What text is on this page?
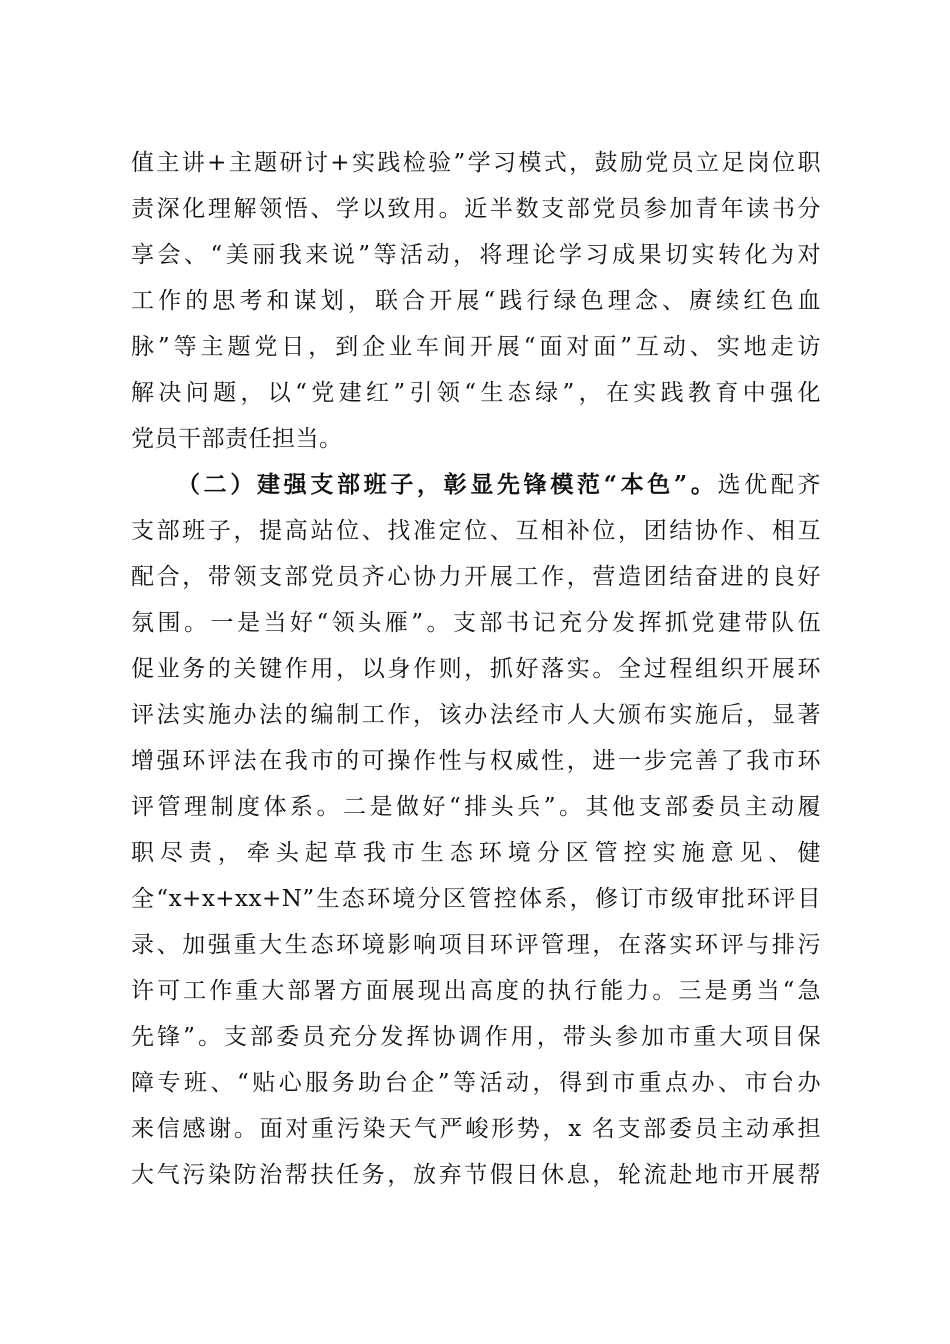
值主讲+主题研讨+实践检验”学习模式，鼓励党员立足岗位职
责深化理解领悟、学以致用。近半数支部党员参加青年读书分
享会、“美丽我来说”等活动，将理论学习成果切实转化为对
工作的思考和谋划，联合开展“践行绿色理念、赓续红色血
脉”等主题党日，到企业车间开展“面对面”互动、实地走访
解决问题，以“党建红”引领“生态绿”，在实践教育中强化
党员干部责任担当。
（二）建强支部班子，彰显先锋模范“本色”。选优配齐
支部班子，提高站位、找准定位、互相补位，团结协作、相互
配合，带领支部党员齐心协力开展工作，营造团结奋进的良好
氛围。一是当好“领头雁”。支部书记充分发挥抓党建带队伍
促业务的关键作用，以身作则，抓好落实。全过程组织开展环
评法实施办法的编制工作，该办法经市人大颁布实施后，显著
增强环评法在我市的可操作性与权威性，进一步完善了我市环
评管理制度体系。二是做好“排头兵”。其他支部委员主动履
职尽责，牵头起草我市生态环境分区管控实施意见、健
全“x+x+xx+N”生态环境分区管控体系，修订市级审批环评目
录、加强重大生态环境影响项目环评管理，在落实环评与排污
许可工作重大部署方面展现出高度的执行能力。三是勇当“急
先锋”。支部委员充分发挥协调作用，带头参加市重大项目保
障专班、“贴心服务助台企”等活动，得到市重点办、市台办
来信感谢。面对重污染天气严峻形势，x 名支部委员主动承担
大气污染防治帮扶任务，放弃节假日休息，轮流赴地市开展帮
